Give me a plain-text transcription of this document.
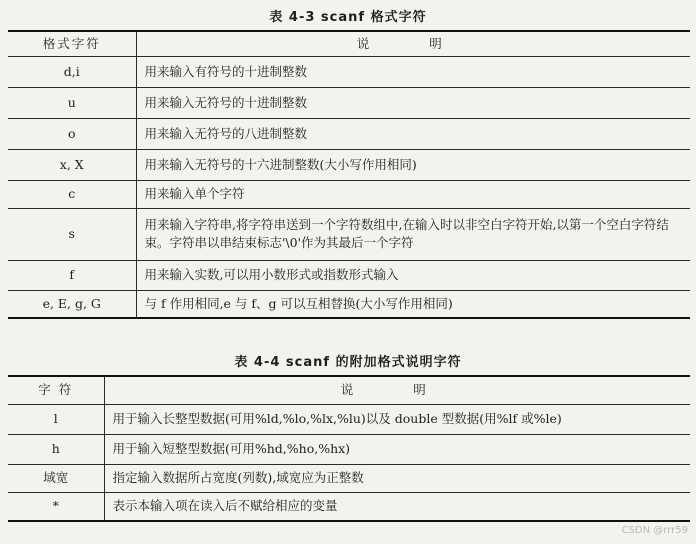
表 4-3 scanf 格式字符
格式字符	说 明
d,i	用来输入有符号的十进制整数
u	用来输入无符号的十进制整数
o	用来输入无符号的八进制整数
x, X	用来输入无符号的十六进制整数(大小写作用相同)
c	用来输入单个字符
s	用来输入字符串,将字符串送到一个字符数组中,在输入时以非空白字符开始,以第一个空白字符结束。字符串以串结束标志'\0'作为其最后一个字符
f	用来输入实数,可以用小数形式或指数形式输入
e, E, g, G	与 f 作用相同,e 与 f、g 可以互相替换(大小写作用相同)
表 4-4 scanf 的附加格式说明字符
字 符	说 明
l	用于输入长整型数据(可用%ld,%lo,%lx,%lu)以及 double 型数据(用%lf 或%le)
h	用于输入短整型数据(可用%hd,%ho,%hx)
域宽	指定输入数据所占宽度(列数),域宽应为正整数
*	表示本输入项在读入后不赋给相应的变量
CSDN @rrr59
